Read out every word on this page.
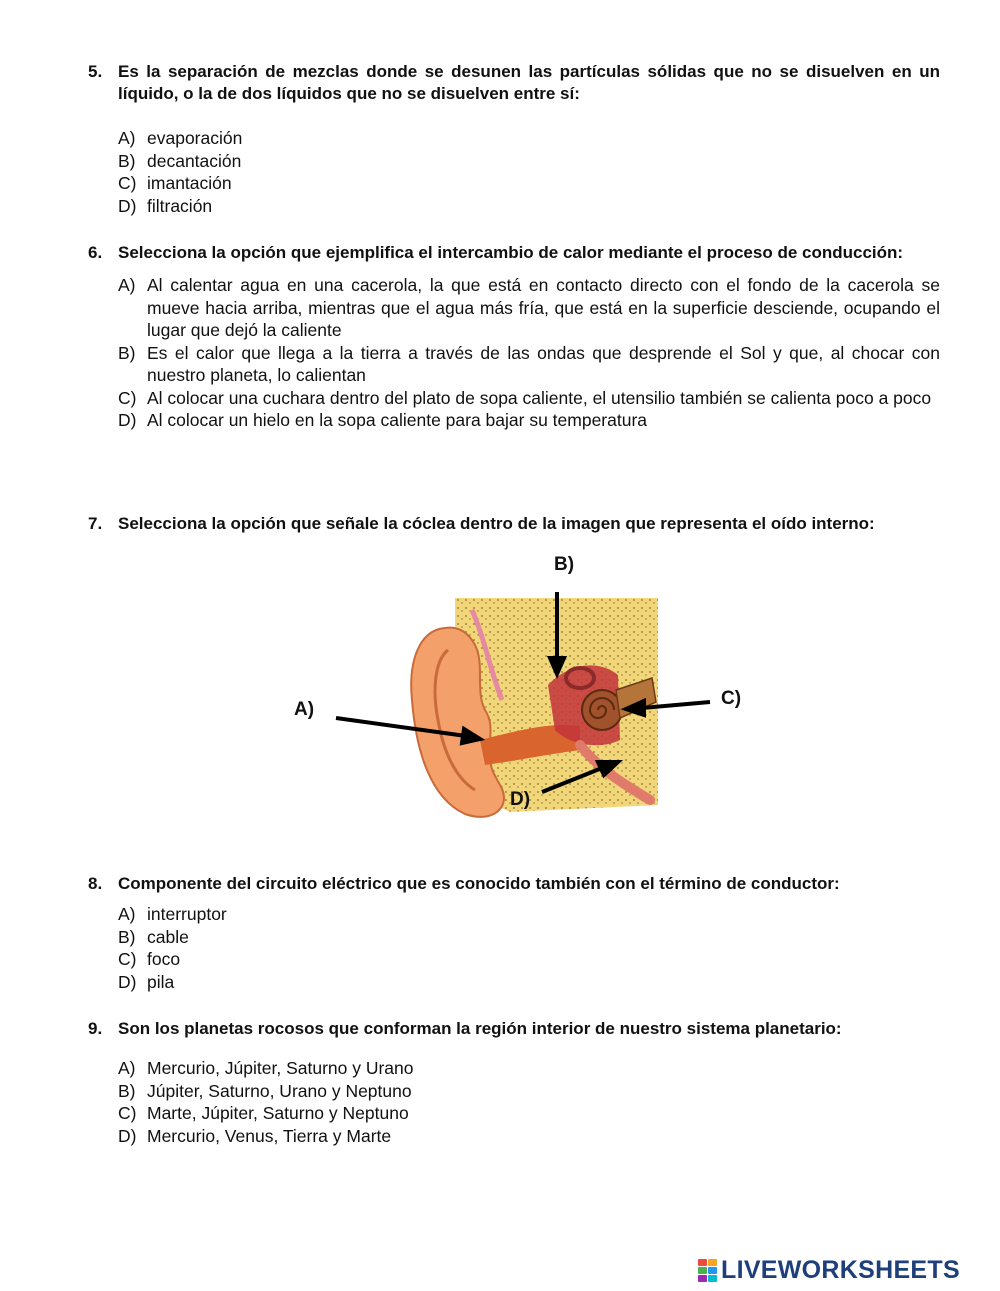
5. Es la separación de mezclas donde se desunen las partículas sólidas que no se disuelven en un líquido, o la de dos líquidos que no se disuelven entre sí:
A) evaporación
B) decantación
C) imantación
D) filtración
6. Selecciona la opción que ejemplifica el intercambio de calor mediante el proceso de conducción:
A) Al calentar agua en una cacerola, la que está en contacto directo con el fondo de la cacerola se mueve hacia arriba, mientras que el agua más fría, que está en la superficie desciende, ocupando el lugar que dejó la caliente
B) Es el calor que llega a la tierra a través de las ondas que desprende el Sol y que, al chocar con nuestro planeta, lo calientan
C) Al colocar una cuchara dentro del plato de sopa caliente, el utensilio también se calienta poco a poco
D) Al colocar un hielo en la sopa caliente para bajar su temperatura
7. Selecciona la opción que señale la cóclea dentro de la imagen que representa el oído interno:
B)
C)
A)
D)
8. Componente del circuito eléctrico que es conocido también con el término de conductor:
A) interruptor
B) cable
C) foco
D) pila
9. Son los planetas rocosos que conforman la región interior de nuestro sistema planetario:
A) Mercurio, Júpiter, Saturno y Urano
B) Júpiter, Saturno, Urano y Neptuno
C) Marte, Júpiter, Saturno y Neptuno
D) Mercurio, Venus, Tierra y Marte
LIVEWORKSHEETS
